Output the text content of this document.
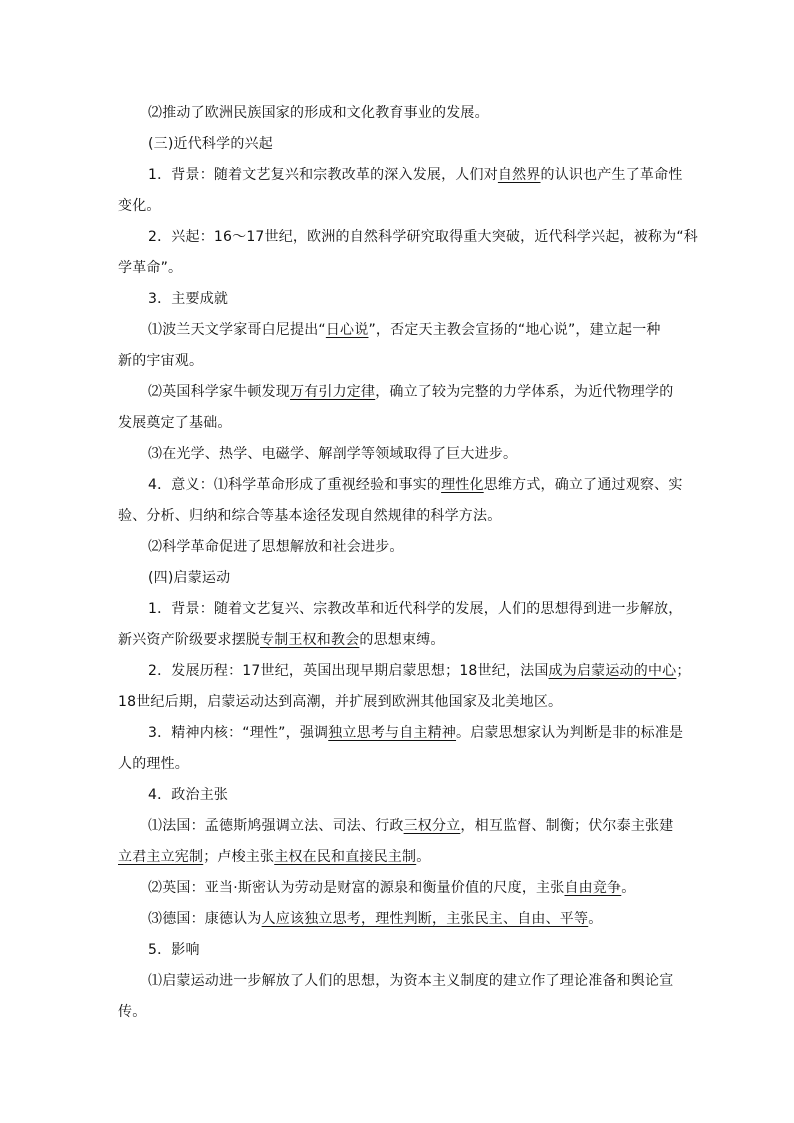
⑵推动了欧洲民族国家的形成和文化教育事业的发展。
(三)近代科学的兴起
1．背景：随着文艺复兴和宗教改革的深入发展，人们对自然界的认识也产生了革命性
变化。
2．兴起：16～17世纪，欧洲的自然科学研究取得重大突破，近代科学兴起，被称为“科
学革命”。
3．主要成就
⑴波兰天文学家哥白尼提出“日心说”，否定天主教会宣扬的“地心说”，建立起一种
新的宇宙观。
⑵英国科学家牛顿发现万有引力定律，确立了较为完整的力学体系，为近代物理学的
发展奠定了基础。
⑶在光学、热学、电磁学、解剖学等领域取得了巨大进步。
4．意义：⑴科学革命形成了重视经验和事实的理性化思维方式，确立了通过观察、实
验、分析、归纳和综合等基本途径发现自然规律的科学方法。
⑵科学革命促进了思想解放和社会进步。
(四)启蒙运动
1．背景：随着文艺复兴、宗教改革和近代科学的发展，人们的思想得到进一步解放，
新兴资产阶级要求摆脱专制王权和教会的思想束缚。
2．发展历程：17世纪，英国出现早期启蒙思想；18世纪，法国成为启蒙运动的中心；
18世纪后期，启蒙运动达到高潮，并扩展到欧洲其他国家及北美地区。
3．精神内核：“理性”，强调独立思考与自主精神。启蒙思想家认为判断是非的标准是
人的理性。
4．政治主张
⑴法国：孟德斯鸠强调立法、司法、行政三权分立，相互监督、制衡；伏尔泰主张建
立君主立宪制；卢梭主张主权在民和直接民主制。
⑵英国：亚当·斯密认为劳动是财富的源泉和衡量价值的尺度，主张自由竞争。
⑶德国：康德认为人应该独立思考，理性判断，主张民主、自由、平等。
5．影响
⑴启蒙运动进一步解放了人们的思想，为资本主义制度的建立作了理论准备和舆论宣
传。
